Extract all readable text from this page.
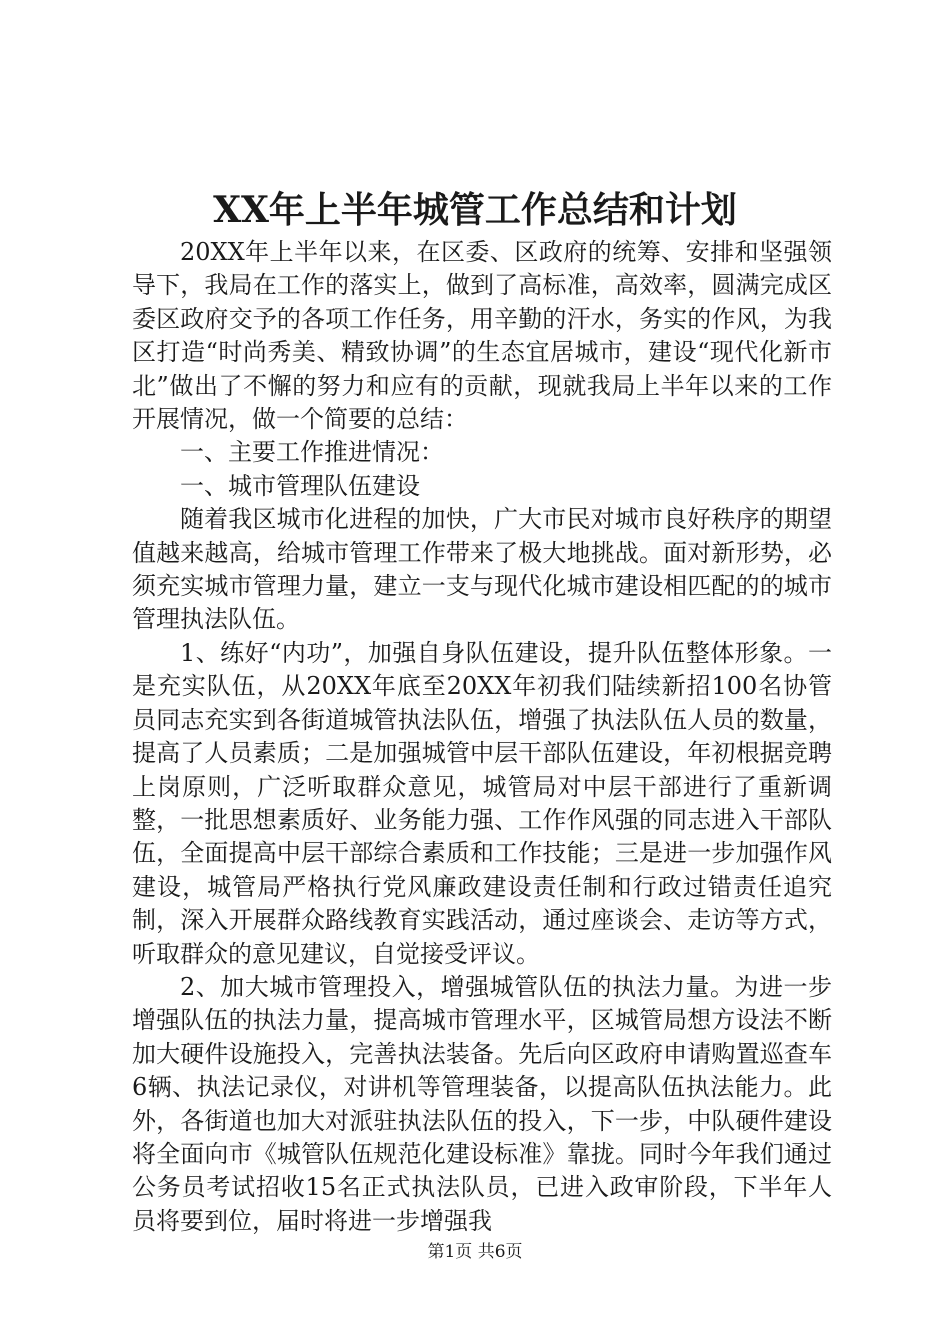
XX年上半年城管工作总结和计划

20XX年上半年以来，在区委、区政府的统筹、安排和坚强领导下，我局在工作的落实上，做到了高标准，高效率，圆满完成区委区政府交予的各项工作任务，用辛勤的汗水，务实的作风，为我区打造“时尚秀美、精致协调”的生态宜居城市，建设“现代化新市北”做出了不懈的努力和应有的贡献，现就我局上半年以来的工作开展情况，做一个简要的总结：

一、主要工作推进情况：

一、城市管理队伍建设

随着我区城市化进程的加快，广大市民对城市良好秩序的期望值越来越高，给城市管理工作带来了极大地挑战。面对新形势，必须充实城市管理力量，建立一支与现代化城市建设相匹配的的城市管理执法队伍。

1、练好“内功”，加强自身队伍建设，提升队伍整体形象。一是充实队伍，从20XX年底至20XX年初我们陆续新招100名协管员同志充实到各街道城管执法队伍，增强了执法队伍人员的数量，提高了人员素质；二是加强城管中层干部队伍建设，年初根据竞聘上岗原则，广泛听取群众意见，城管局对中层干部进行了重新调整，一批思想素质好、业务能力强、工作作风强的同志进入干部队伍，全面提高中层干部综合素质和工作技能；三是进一步加强作风建设，城管局严格执行党风廉政建设责任制和行政过错责任追究制，深入开展群众路线教育实践活动，通过座谈会、走访等方式，听取群众的意见建议，自觉接受评议。

2、加大城市管理投入，增强城管队伍的执法力量。为进一步增强队伍的执法力量，提高城市管理水平，区城管局想方设法不断加大硬件设施投入，完善执法装备。先后向区政府申请购置巡查车6辆、执法记录仪，对讲机等管理装备，以提高队伍执法能力。此外，各街道也加大对派驻执法队伍的投入，下一步，中队硬件建设将全面向市《城管队伍规范化建设标准》靠拢。同时今年我们通过公务员考试招收15名正式执法队员，已进入政审阶段，下半年人员将要到位，届时将进一步增强我

第1页 共6页
